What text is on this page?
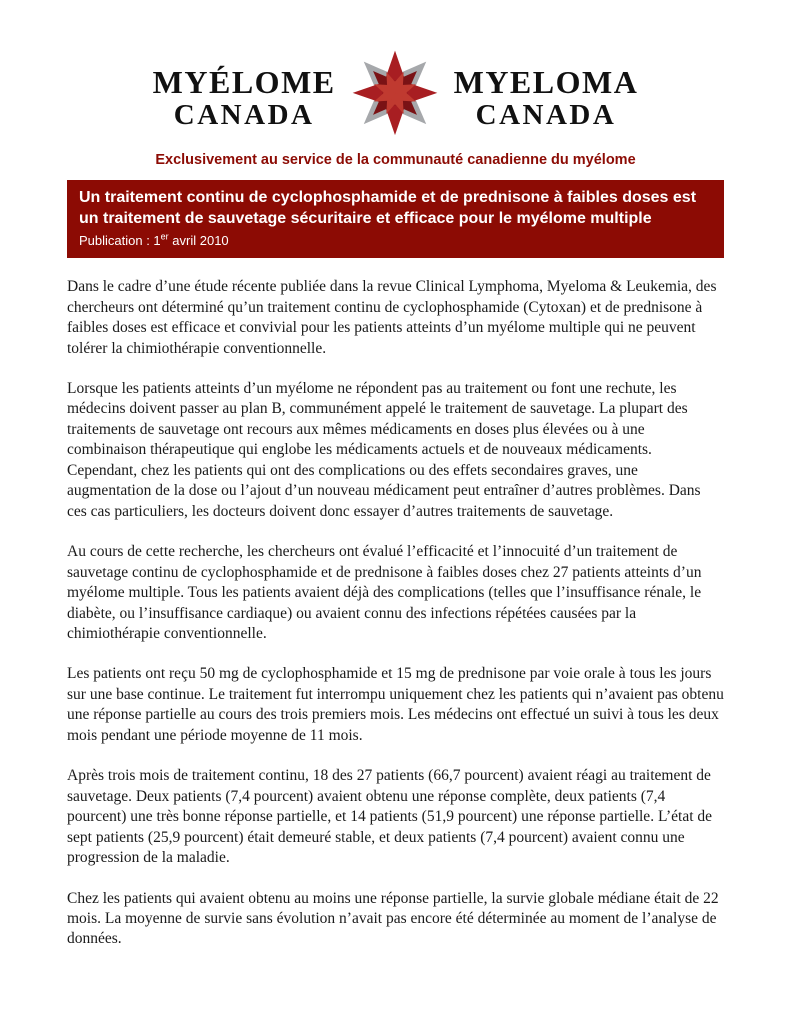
MYÉLOME
CANADA
MYELOMA
CANADA
Exclusivement au service de la communauté canadienne du myélome
Un traitement continu de cyclophosphamide et de prednisone à faibles doses est un traitement de sauvetage sécuritaire et efficace pour le myélome multiple
Publication : 1er avril 2010

Dans le cadre d’une étude récente publiée dans la revue Clinical Lymphoma, Myeloma & Leukemia, des chercheurs ont déterminé qu’un traitement continu de cyclophosphamide (Cytoxan) et de prednisone à faibles doses est efficace et convivial pour les patients atteints d’un myélome multiple qui ne peuvent tolérer la chimiothérapie conventionnelle.

Lorsque les patients atteints d’un myélome ne répondent pas au traitement ou font une rechute, les médecins doivent passer au plan B, communément appelé le traitement de sauvetage. La plupart des traitements de sauvetage ont recours aux mêmes médicaments en doses plus élevées ou à une combinaison thérapeutique qui englobe les médicaments actuels et de nouveaux médicaments. Cependant, chez les patients qui ont des complications ou des effets secondaires graves, une augmentation de la dose ou l’ajout d’un nouveau médicament peut entraîner d’autres problèmes. Dans ces cas particuliers, les docteurs doivent donc essayer d’autres traitements de sauvetage.

Au cours de cette recherche, les chercheurs ont évalué l’efficacité et l’innocuité d’un traitement de sauvetage continu de cyclophosphamide et de prednisone à faibles doses chez 27 patients atteints d’un myélome multiple. Tous les patients avaient déjà des complications (telles que l’insuffisance rénale, le diabète, ou l’insuffisance cardiaque) ou avaient connu des infections répétées causées par la chimiothérapie conventionnelle.

Les patients ont reçu 50 mg de cyclophosphamide et 15 mg de prednisone par voie orale à tous les jours sur une base continue. Le traitement fut interrompu uniquement chez les patients qui n’avaient pas obtenu une réponse partielle au cours des trois premiers mois. Les médecins ont effectué un suivi à tous les deux mois pendant une période moyenne de 11 mois.

Après trois mois de traitement continu, 18 des 27 patients (66,7 pourcent) avaient réagi au traitement de sauvetage. Deux patients (7,4 pourcent) avaient obtenu une réponse complète, deux patients (7,4 pourcent) une très bonne réponse partielle, et 14 patients (51,9 pourcent) une réponse partielle. L’état de sept patients (25,9 pourcent) était demeuré stable, et deux patients (7,4 pourcent) avaient connu une progression de la maladie.

Chez les patients qui avaient obtenu au moins une réponse partielle, la survie globale médiane était de 22 mois. La moyenne de survie sans évolution n’avait pas encore été déterminée au moment de l’analyse de données.
